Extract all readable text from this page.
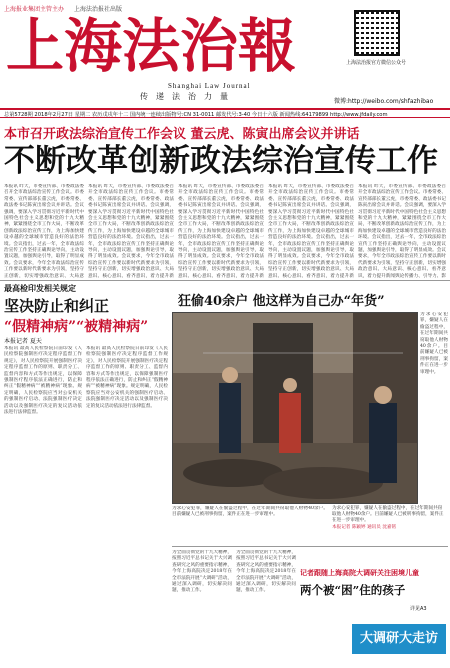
上海报业集团主管主办 上海法治报社出版
上海法治報
Shanghai Law Journal
传递法治力量
上海法治报官方微信公众号
微博:http://weibo.com/shfazhibao
总第5728期 2018年2月27日 星期二 农历戊戌年十二 国内统一连续出版物号:CN 31-0011 邮发代号:3-40 今日十六版 新闻热线:64179899 http://www.jfdaily.com
本市召开政法综治宣传工作会议 董云虎、陈寅出席会议并讲话
不断改革创新政法综治宣传工作
本报讯 昨天，市委宣传部、市委政法委召开全市政法综治宣传工作会议。市委常委、宣传部部长董云虎，市委常委、政法委书记陈寅出席会议并讲话。会议强调，要深入学习贯彻习近平新时代中国特色社会主义思想和党的十九大精神，紧紧围绕全市工作大局，不断改革创新政法综治宣传工作，为上海加快建设卓越的全球城市营造良好的法治环境。会议指出，过去一年，全市政法综治宣传工作坚持正确舆论导向，主动设置议题，加强舆论引导，取得了明显成效。会议要求，今年全市政法综治宣传工作要以新时代新要求为引领，坚持守正创新，切实增强政治意识、大局意
本报讯 昨天，市委宣传部、市委政法委召开全市政法综治宣传工作会议。市委常委、宣传部部长董云虎，市委常委、政法委书记陈寅出席会议并讲话。会议强调，要深入学习贯彻习近平新时代中国特色社会主义思想和党的十九大精神，紧紧围绕全市工作大局，不断改革创新政法综治宣传工作，为上海加快建设卓越的全球城市营造良好的法治环境。会议指出，过去一年，全市政法综治宣传工作坚持正确舆论导向，主动设置议题，加强舆论引导，取得了明显成效。会议要求，今年全市政法综治宣传工作要以新时代新要求为引领，坚持守正创新，切实增强政治意识、大局意识、核心意识、看齐意识，着力提升新
本报讯 昨天，市委宣传部、市委政法委召开全市政法综治宣传工作会议。市委常委、宣传部部长董云虎，市委常委、政法委书记陈寅出席会议并讲话。会议强调，要深入学习贯彻习近平新时代中国特色社会主义思想和党的十九大精神，紧紧围绕全市工作大局，不断改革创新政法综治宣传工作，为上海加快建设卓越的全球城市营造良好的法治环境。会议指出，过去一年，全市政法综治宣传工作坚持正确舆论导向，主动设置议题，加强舆论引导，取得了明显成效。会议要求，今年全市政法综治宣传工作要以新时代新要求为引领，坚持守正创新，切实增强政治意识、大局意识、核心意识、看齐意识，着力提升新
本报讯 昨天，市委宣传部、市委政法委召开全市政法综治宣传工作会议。市委常委、宣传部部长董云虎，市委常委、政法委书记陈寅出席会议并讲话。会议强调，要深入学习贯彻习近平新时代中国特色社会主义思想和党的十九大精神，紧紧围绕全市工作大局，不断改革创新政法综治宣传工作，为上海加快建设卓越的全球城市营造良好的法治环境。会议指出，过去一年，全市政法综治宣传工作坚持正确舆论导向，主动设置议题，加强舆论引导，取得了明显成效。会议要求，今年全市政法综治宣传工作要以新时代新要求为引领，坚持守正创新，切实增强政治意识、大局意识、核心意识、看齐意识，着力提升新
本报讯 昨天，市委宣传部、市委政法委召开全市政法综治宣传工作会议。市委常委、宣传部部长董云虎，市委常委、政法委书记陈寅出席会议并讲话。会议强调，要深入学习贯彻习近平新时代中国特色社会主义思想和党的十九大精神，紧紧围绕全市工作大局，不断改革创新政法综治宣传工作，为上海加快建设卓越的全球城市营造良好的法治环境。会议指出，过去一年，全市政法综治宣传工作坚持正确舆论导向，主动设置议题，加强舆论引导，取得了明显成效。会议要求，今年全市政法综治宣传工作要以新时代新要求为引领，坚持守正创新，切实增强政治意识、大局意识、核心意识、看齐意识，着力提升新闻舆论传播力、引导力、影
最高检印发相关规定
坚决防止和纠正
“假精神病”“被精神病”
本报记者 夏天
本报讯 最高人民检察院日前印发《人民检察院强制医疗决定程序监督工作规定》，对人民检察院开展强制医疗决定程序监督工作的原则、职责分工、监督内容和方式等作出规定，以保障强制医疗程序依法正确进行，防止和纠正“假精神病”“被精神病”现象。规定明确，人民检察院应当对公安机关的强制医疗启动、法院强制医疗决定活动以及强制医疗决定的复议活动依法进行法律监督。
本报讯 最高人民检察院日前印发《人民检察院强制医疗决定程序监督工作规定》，对人民检察院开展强制医疗决定程序监督工作的原则、职责分工、监督内容和方式等作出规定，以保障强制医疗程序依法正确进行，防止和纠正“假精神病”“被精神病”现象。规定明确，人民检察院应当对公安机关的强制医疗启动、法院强制医疗决定活动以及强制医疗决定的复议活动依法进行法律监督。
狂偷40余户 他这样为自己办“年货”
为求心安犯罪，嫌疑人在偷盗过程中，在过年期间共窃取他人财物40余户。目前嫌疑人已被刑事拘留，案件正在进一步审理中。
为求心安犯罪，嫌疑人在偷盗过程中，在过年期间共窃取他人财物40余户。目前嫌疑人已被刑事拘留，案件正在进一步审理中。
本报记者 陈颖婷 通讯员 沈嘉铭
为求心安犯罪，嫌疑人在偷盗过程中，在过年期间共窃取他人财物40余户。目前嫌疑人已被刑事拘留，案件正在进一步审理中。
为全面贯彻党的十九大精神，按照习近平总书记关于大兴调查研究之风的重要指示精神，今年上海高院决定2018年在全市法院开展“大调研”活动，通过深入调研，切实解决问题，推动工作。
为全面贯彻党的十九大精神，按照习近平总书记关于大兴调查研究之风的重要指示精神，今年上海高院决定2018年在全市法院开展“大调研”活动，通过深入调研，切实解决问题，推动工作。
记者跟随上海高院大调研关注困境儿童
两个被“困”住的孩子
详见A3
大调研大走访
